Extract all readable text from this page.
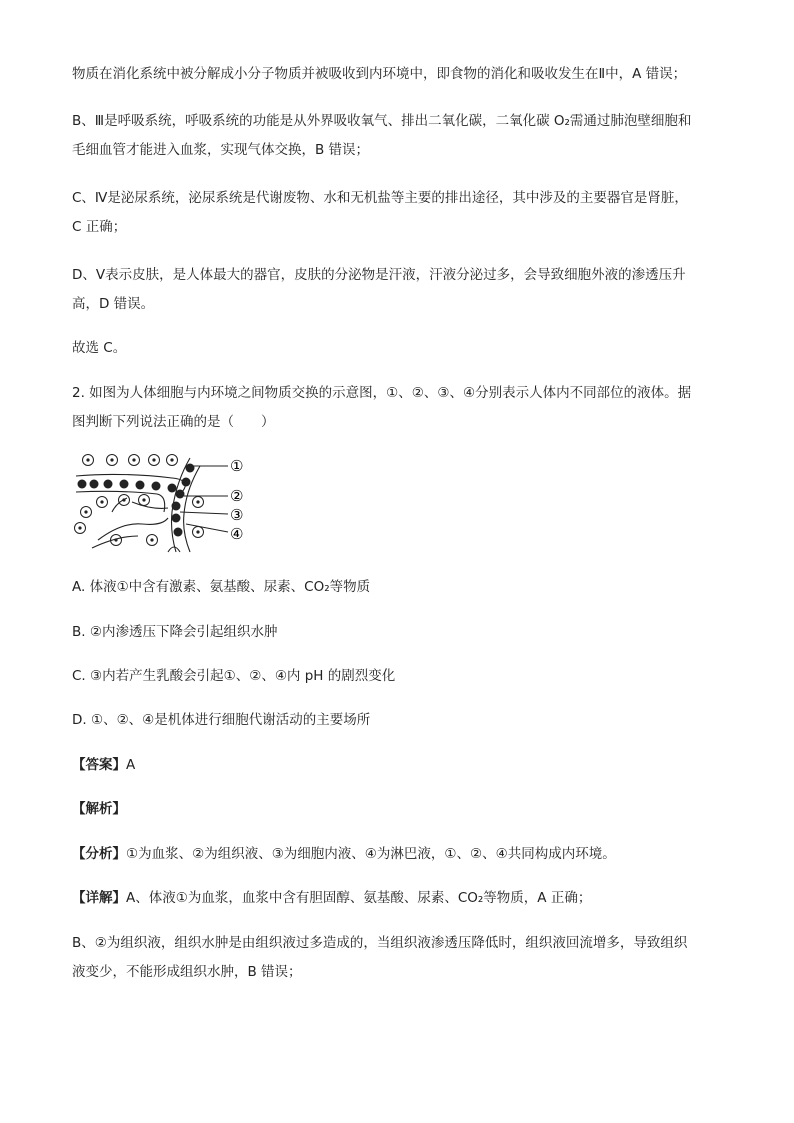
物质在消化系统中被分解成小分子物质并被吸收到内环境中，即食物的消化和吸收发生在Ⅱ中，A 错误；
B、Ⅲ是呼吸系统，呼吸系统的功能是从外界吸收氧气、排出二氧化碳，二氧化碳 O₂需通过肺泡壁细胞和
毛细血管才能进入血浆，实现气体交换，B 错误；
C、Ⅳ是泌尿系统，泌尿系统是代谢废物、水和无机盐等主要的排出途径，其中涉及的主要器官是肾脏，
C 正确；
D、Ⅴ表示皮肤，是人体最大的器官，皮肤的分泌物是汗液，汗液分泌过多，会导致细胞外液的渗透压升
高，D 错误。
故选 C。
2. 如图为人体细胞与内环境之间物质交换的示意图，①、②、③、④分别表示人体内不同部位的液体。据
图判断下列说法正确的是（　　）
①
②
③
④
A. 体液①中含有激素、氨基酸、尿素、CO₂等物质
B. ②内渗透压下降会引起组织水肿
C. ③内若产生乳酸会引起①、②、④内 pH 的剧烈变化
D. ①、②、④是机体进行细胞代谢活动的主要场所
【答案】A
【解析】
【分析】①为血浆、②为组织液、③为细胞内液、④为淋巴液，①、②、④共同构成内环境。
【详解】A、体液①为血浆，血浆中含有胆固醇、氨基酸、尿素、CO₂等物质，A 正确；
B、②为组织液，组织水肿是由组织液过多造成的，当组织液渗透压降低时，组织液回流增多，导致组织
液变少，不能形成组织水肿，B 错误；
